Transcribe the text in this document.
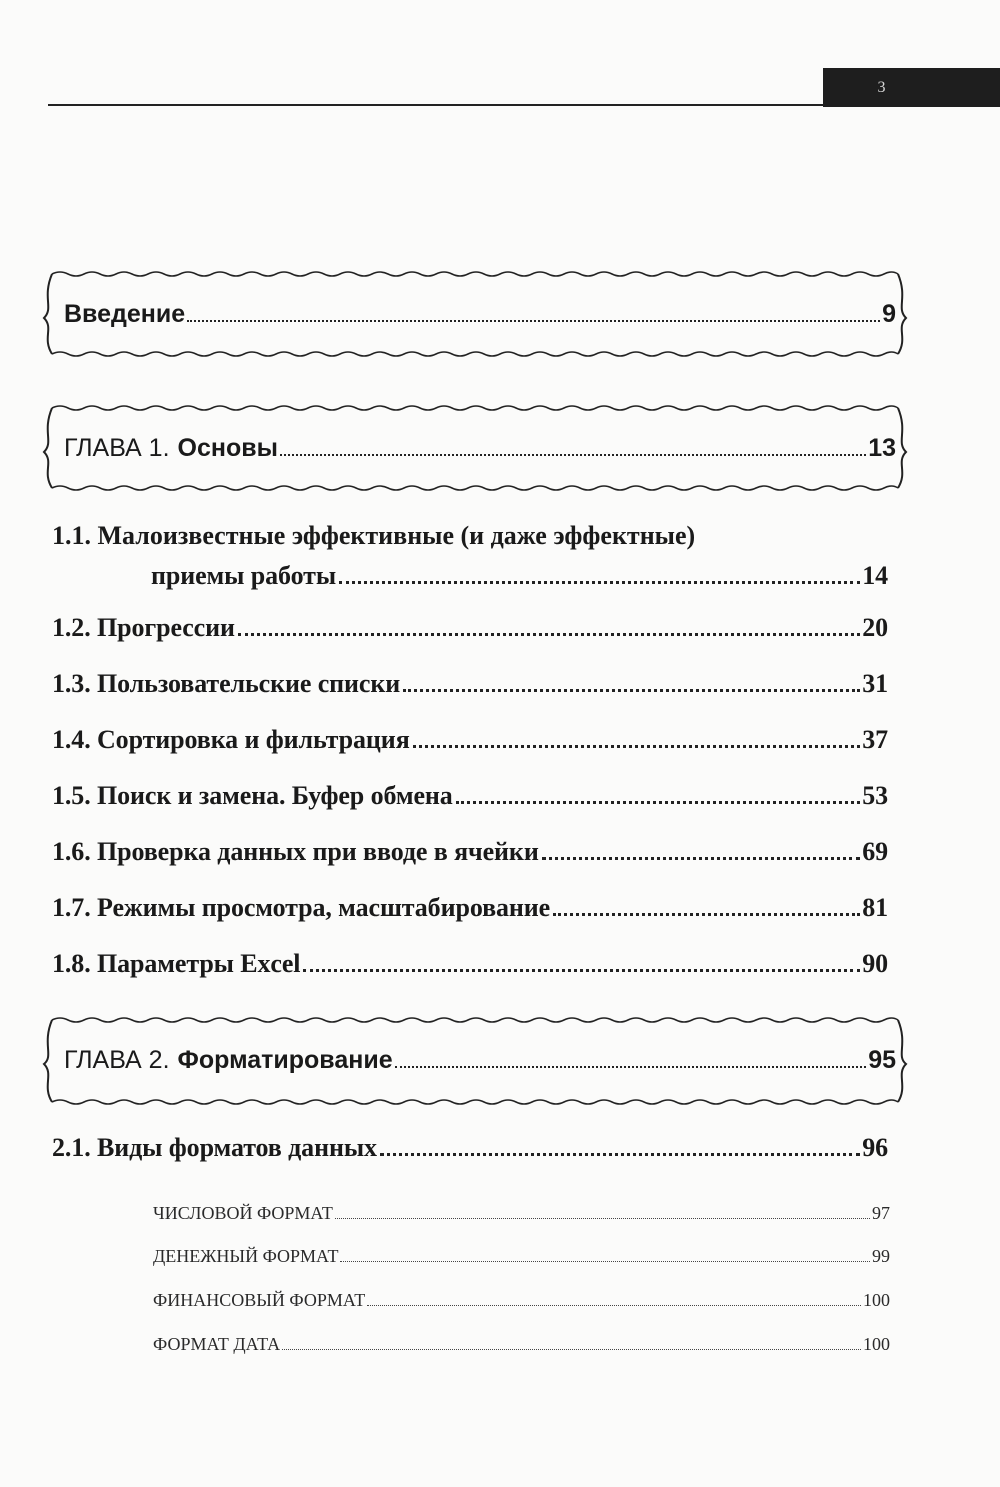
3
Введение	9
ГЛАВА 1. Основы	13
1.1. Малоизвестные эффективные (и даже эффектные)
приемы работы	14
1.2. Прогрессии	20
1.3. Пользовательские списки	31
1.4. Сортировка и фильтрация	37
1.5. Поиск и замена. Буфер обмена	53
1.6. Проверка данных при вводе в ячейки	69
1.7. Режимы просмотра, масштабирование	81
1.8. Параметры Excel	90
ГЛАВА 2. Форматирование	95
2.1. Виды форматов данных	96
ЧИСЛОВОЙ ФОРМАТ	97
ДЕНЕЖНЫЙ ФОРМАТ	99
ФИНАНСОВЫЙ ФОРМАТ	100
ФОРМАТ ДАТА	100
